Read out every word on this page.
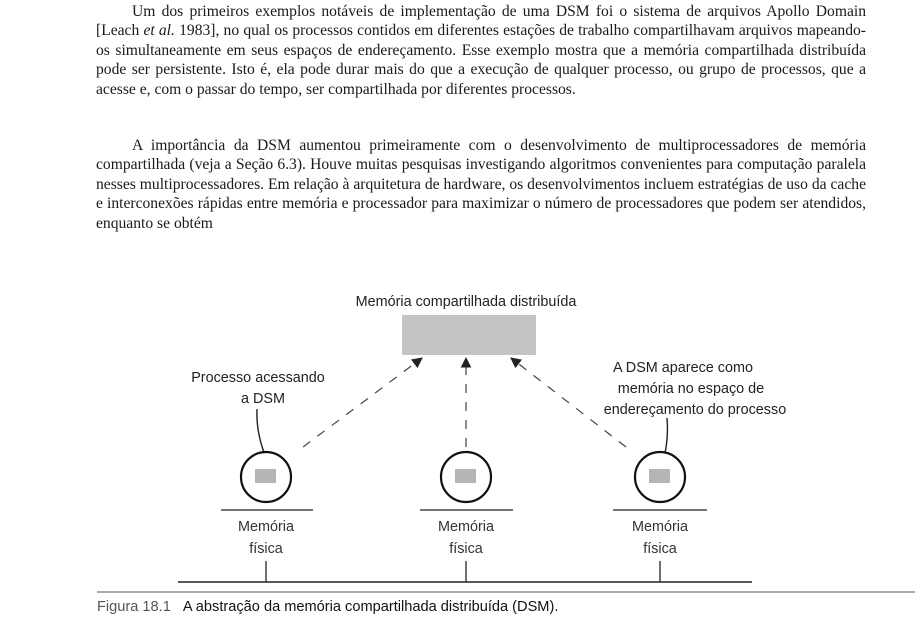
Um dos primeiros exemplos notáveis de implementação de uma DSM foi o sistema de arquivos Apollo Domain [Leach et al. 1983], no qual os processos contidos em diferentes estações de trabalho compartilhavam arquivos mapeando-os simultaneamente em seus espaços de endereçamento. Esse exemplo mostra que a memória compartilhada distribuída pode ser persistente. Isto é, ela pode durar mais do que a execução de qualquer processo, ou grupo de processos, que a acesse e, com o passar do tempo, ser compartilhada por diferentes processos.

A importância da DSM aumentou primeiramente com o desenvolvimento de multiprocessadores de memória compartilhada (veja a Seção 6.3). Houve muitas pesquisas investigando algoritmos convenientes para computação paralela nesses multiprocessadores. Em relação à arquitetura de hardware, os desenvolvimentos incluem estratégias de uso da cache e interconexões rápidas entre memória e processador para maximizar o número de processadores que podem ser atendidos, enquanto se obtém

Memória compartilhada distribuída
Processo acessando
a DSM
A DSM aparece como
memória no espaço de
endereçamento do processo
Memória
física
Memória
física
Memória
física
Figura 18.1 A abstração da memória compartilhada distribuída (DSM).
